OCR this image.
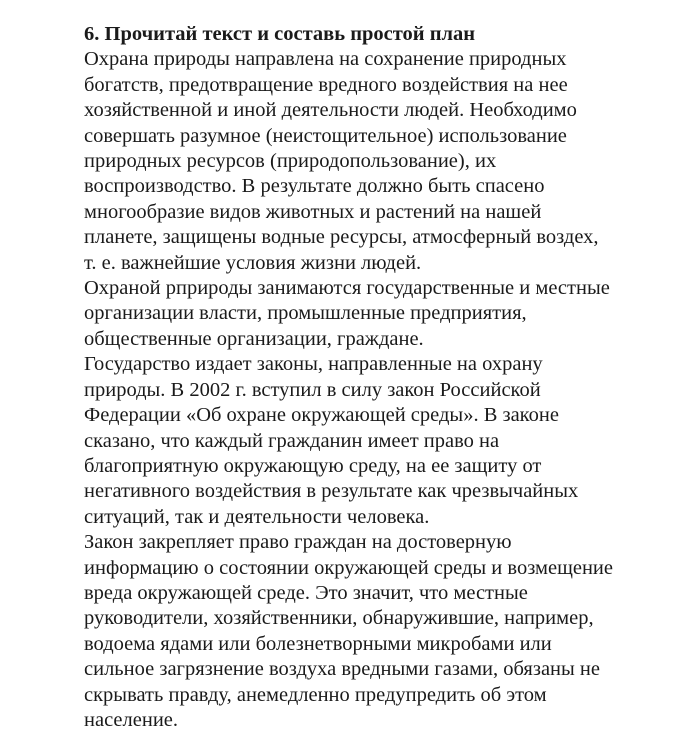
6. Прочитай текст и составь простой план
Охрана природы направлена на сохранение природных
богатств, предотвращение вредного воздействия на нее
хозяйственной и иной деятельности людей. Необходимо
совершать разумное (неистощительное) использование
природных ресурсов (природопользование), их
воспроизводство. В результате должно быть спасено
многообразие видов животных и растений на нашей
планете, защищены водные ресурсы, атмосферный воздех,
т. е. важнейшие условия жизни людей.
Охраной рприроды занимаются государственные и местные
организации власти, промышленные предприятия,
общественные организации, граждане.
Государство издает законы, направленные на охрану
природы. В 2002 г. вступил в силу закон Российской
Федерации «Об охране окружающей среды». В законе
сказано, что каждый гражданин имеет право на
благоприятную окружающую среду, на ее защиту от
негативного воздействия в результате как чрезвычайных
ситуаций, так и деятельности человека.
Закон закрепляет право граждан на достоверную
информацию о состоянии окружающей среды и возмещение
вреда окружающей среде. Это значит, что местные
руководители, хозяйственники, обнаружившие, например,
водоема ядами или болезнетворными микробами или
сильное загрязнение воздуха вредными газами, обязаны не
скрывать правду, анемедленно предупредить об этом
население.
